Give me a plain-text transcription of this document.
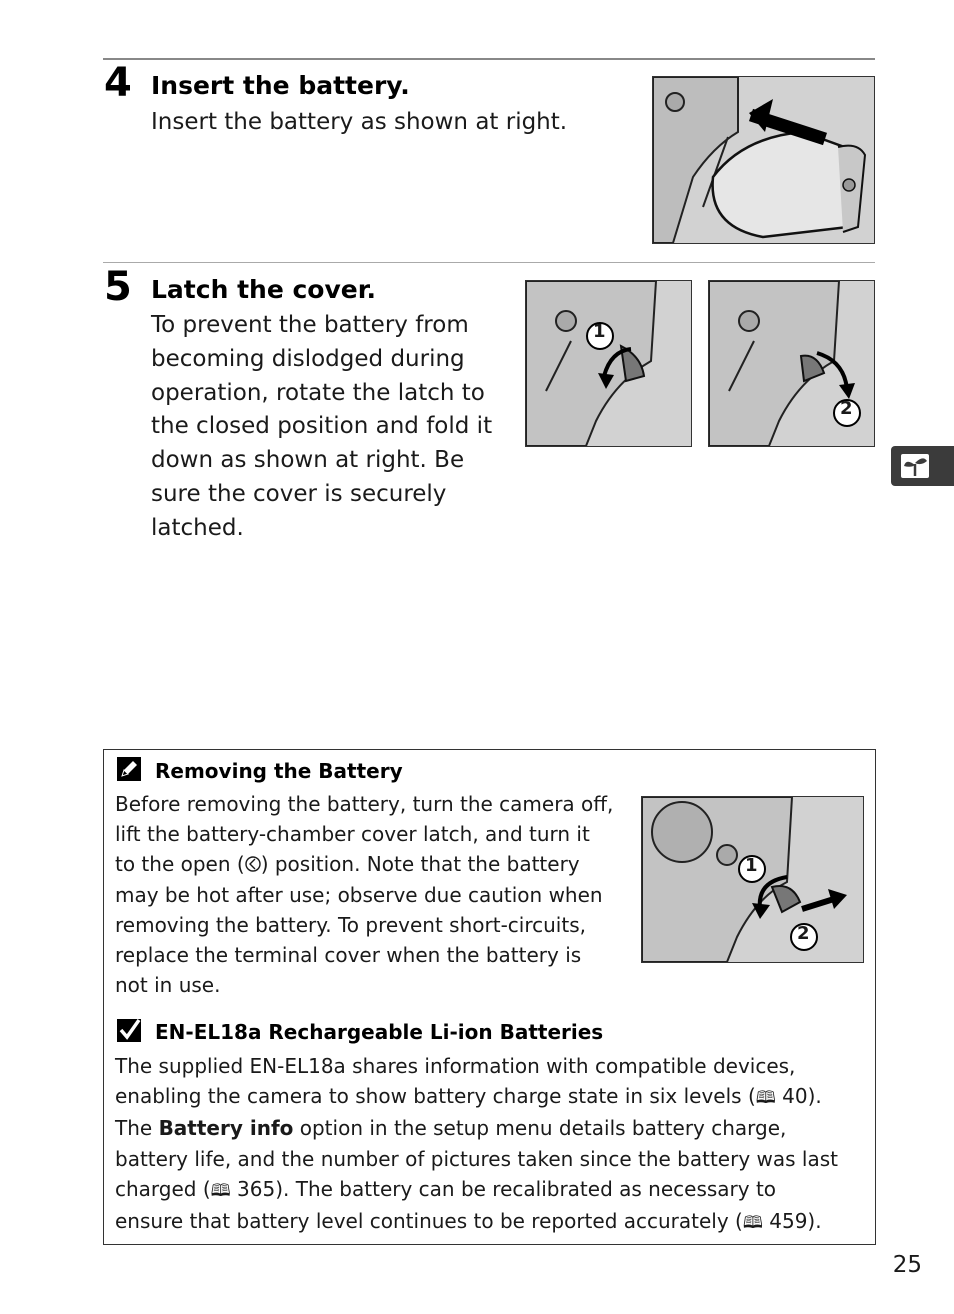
4 Insert the battery.
Insert the battery as shown at right.
5 Latch the cover.
To prevent the battery from
becoming dislodged during
operation, rotate the latch to
the closed position and fold it
down as shown at right. Be
sure the cover is securely
latched.
1
2
Removing the Battery
Before removing the battery, turn the camera off,
lift the battery-chamber cover latch, and turn it
to the open ( ) position. Note that the battery
may be hot after use; observe due caution when
removing the battery. To prevent short-circuits,
replace the terminal cover when the battery is
not in use.
1
2
EN-EL18a Rechargeable Li-ion Batteries
The supplied EN-EL18a shares information with compatible devices,
enabling the camera to show battery charge state in six levels (🕮 40).
The Battery info option in the setup menu details battery charge,
battery life, and the number of pictures taken since the battery was last
charged (🕮 365). The battery can be recalibrated as necessary to
ensure that battery level continues to be reported accurately (🕮 459).
25
